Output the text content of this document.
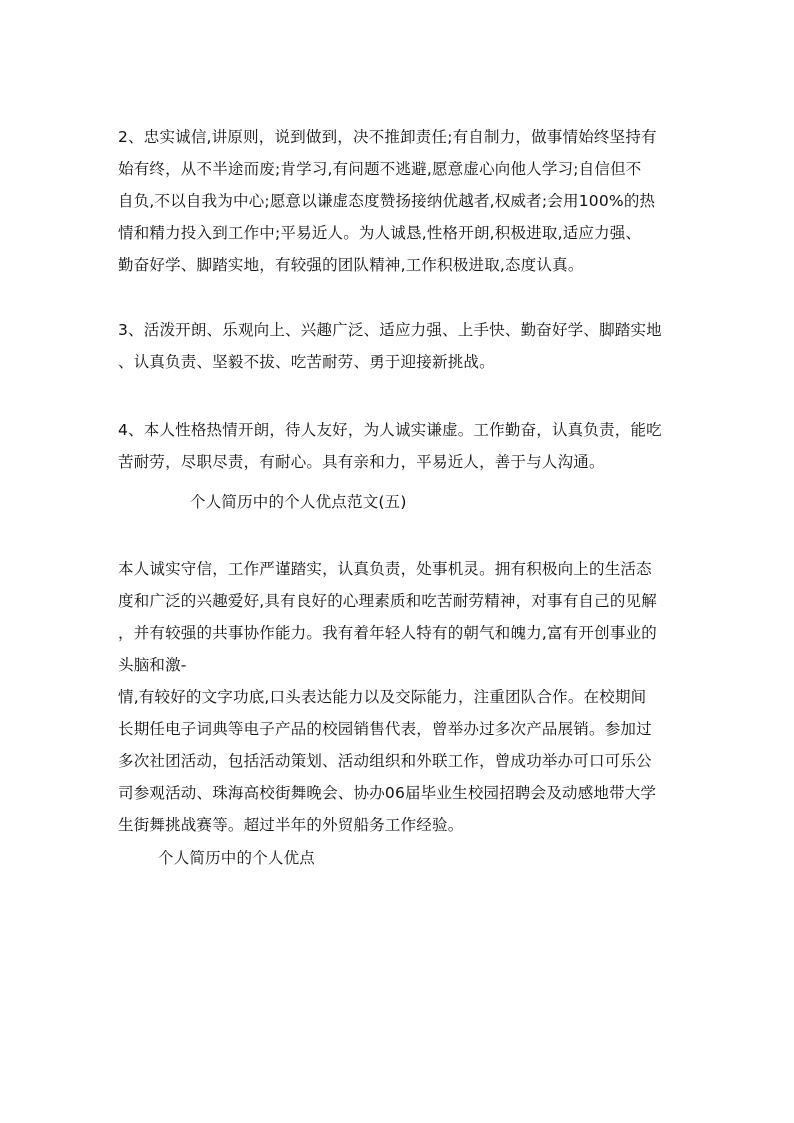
2、忠实诚信,讲原则，说到做到，决不推卸责任;有自制力，做事情始终坚持有
始有终，从不半途而废;肯学习,有问题不逃避,愿意虚心向他人学习;自信但不
自负,不以自我为中心;愿意以谦虚态度赞扬接纳优越者,权威者;会用100%的热
情和精力投入到工作中;平易近人。为人诚恳,性格开朗,积极进取,适应力强、
勤奋好学、脚踏实地，有较强的团队精神,工作积极进取,态度认真。
3、活泼开朗、乐观向上、兴趣广泛、适应力强、上手快、勤奋好学、脚踏实地
、认真负责、坚毅不拔、吃苦耐劳、勇于迎接新挑战。
4、本人性格热情开朗，待人友好，为人诚实谦虚。工作勤奋，认真负责，能吃
苦耐劳，尽职尽责，有耐心。具有亲和力，平易近人，善于与人沟通。
个人简历中的个人优点范文(五)
本人诚实守信，工作严谨踏实，认真负责，处事机灵。拥有积极向上的生活态
度和广泛的兴趣爱好,具有良好的心理素质和吃苦耐劳精神，对事有自己的见解
，并有较强的共事协作能力。我有着年轻人特有的朝气和魄力,富有开创事业的
头脑和激-
情,有较好的文字功底,口头表达能力以及交际能力，注重团队合作。在校期间
长期任电子词典等电子产品的校园销售代表，曾举办过多次产品展销。参加过
多次社团活动，包括活动策划、活动组织和外联工作，曾成功举办可口可乐公
司参观活动、珠海高校街舞晚会、协办06届毕业生校园招聘会及动感地带大学
生街舞挑战赛等。超过半年的外贸船务工作经验。
个人简历中的个人优点
